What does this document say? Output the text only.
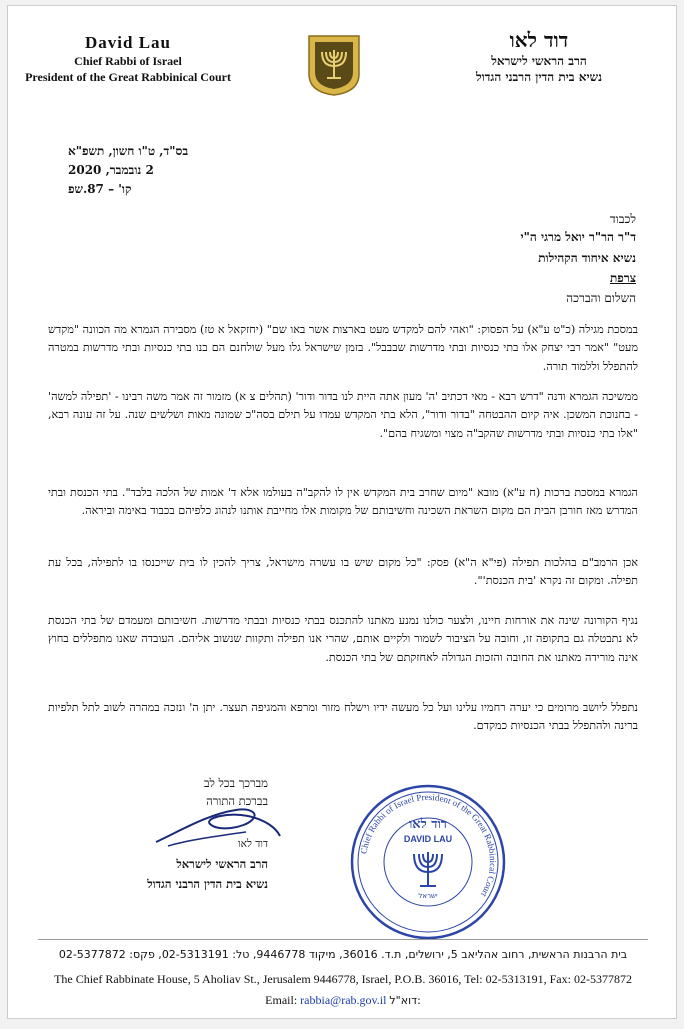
David Lau
Chief Rabbi of Israel
President of the Great Rabbinical Court
דוד לאו
הרב הראשי לישראל
נשיא בית הדין הרבני הגדול
בס"ד, ט"ו חשון, תשפ"א
2 נובמבר, 2020
קו' – 87.שפ
לכבוד
ד"ר הר"ר יואל מרגי ה"י
נשיא איחוד הקהילות
צרפת
השלום והברכה
במסכת מגילה (כ"ט ע"א) על הפסוק: "ואהי להם למקדש מעט בארצות אשר באו שם" (יחזקאל א טז) מסבירה הגמרא מה הכוונה "מקדש מעט" "אמר רבי יצחק אלו בתי כנסיות ובתי מדרשות שבבבל". בזמן שישראל גלו מעל שולחנם הם בנו בתי כנסיות ובתי מדרשות במטרה להתפלל וללמוד תורה.
ממשיכה הגמרא ודנה "דרש רבא - מאי דכתיב 'ה' מעון אתה היית לנו בדור ודור' (תהלים צ א) מזמור זה אמר משה רבינו - 'תפילה למשה' - בחנוכת המשכן. איה קיום ההבטחה "בדור ודור", הלא בתי המקדש עמדו על תילם בסה"כ שמונה מאות ושלשים שנה. על זה עונה רבא, "אלו בתי כנסיות ובתי מדרשות שהקב"ה מצוי ומשגיח בהם".
הגמרא במסכת ברכות (ח ע"א) מובא "מיום שחרב בית המקדש אין לו להקב"ה בעולמו אלא ד' אמות של הלכה בלבד". בתי הכנסת ובתי המדרש מאז חורבן הבית הם מקום השראת השכינה וחשיבותם של מקומות אלו מחייבת אותנו לנהוג כלפיהם בכבוד באימה וביראה.
אכן הרמב"ם בהלכות תפילה (פי"א ה"א) פסק: "כל מקום שיש בו עשרה מישראל, צריך להכין לו בית שייכנסו בו לתפילה, בכל עת תפילה. ומקום זה נקרא 'בית הכנסת'".
נגיף הקורונה שינה את אורחות חיינו, ולצער כולנו נמנע מאתנו להתכנס בבתי כנסיות ובבתי מדרשות. חשיבותם ומעמדם של בתי הכנסת לא נתבטלה גם בתקופה זו, וחובה על הציבור לשמור ולקיים אותם, שהרי אנו תפילה ותקוות שנשוב אליהם. העובדה שאנו מתפללים בחוץ אינה מורידה מאתנו את החובה והזכות הגדולה לאחזקתם של בתי הכנסת.
נתפלל ליושב מרומים כי יערה רחמיו עלינו ועל כל מעשה ידיו וישלח מזור ומרפא והמגיפה תעצר. יתן ה' ונזכה במהרה לשוב לתל תלפיות ברינה ולהתפלל בבתי הכנסיות כמקדם.
מברכך בכל לב
בברכת התורה
דוד לאו
הרב הראשי לישראל
נשיא בית הדין הרבני הגדול
Chief Rabbi of Israel President of the Great Rabbinical Court
דוד לאו
DAVID LAU
ישראל
בית הרבנות הראשית, רחוב אהליאב 5, ירושלים, ת.ד. 36016, מיקוד 9446778, טל: 02-5313191, פקס: 02-5377872
The Chief Rabbinate House, 5 Aholiav St., Jerusalem 9446778, Israel, P.O.B. 36016, Tel: 02-5313191, Fax: 02-5377872
Email: rabbia@rab.gov.il דוא"ל:
